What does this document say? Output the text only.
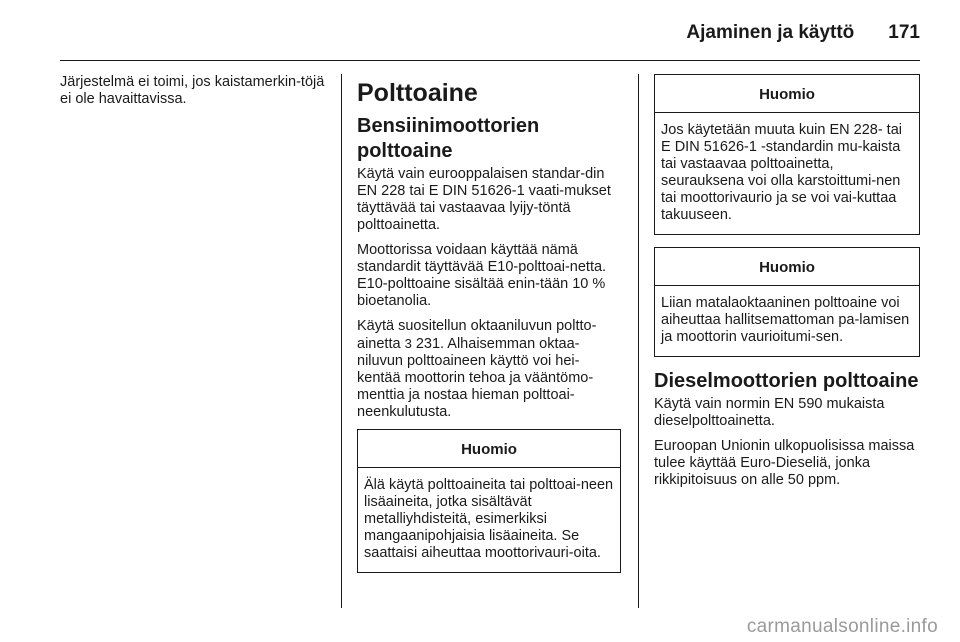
Ajaminen ja käyttö 171

Järjestelmä ei toimi, jos kaistamerkin-töjä ei ole havaittavissa.	Polttoaine
Bensiinimoottorien polttoaine

Käytä vain eurooppalaisen standar-din EN 228 tai E DIN 51626-1 vaati-mukset täyttävää tai vastaavaa lyijy-töntä polttoainetta.

Moottorissa voidaan käyttää nämä standardit täyttävää E10-polttoai-netta. E10-polttoaine sisältää enin-tään 10 % bioetanolia.

Käytä suositellun oktaaniluvun poltto-ainetta 3 231. Alhaisemman oktaa-niluvun polttoaineen käyttö voi hei-kentää moottorin tehoa ja vääntömo-menttia ja nostaa hieman polttoai-neenkulutusta.

Huomio
Älä käytä polttoaineita tai polttoai-neen lisäaineita, jotka sisältävät metalliyhdisteitä, esimerkiksi mangaanipohjaisia lisäaineita. Se saattaisi aiheuttaa moottorivauri-oita.
Huomio
Jos käytetään muuta kuin EN 228- tai E DIN 51626-1 -standardin mu-kaista tai vastaavaa polttoainetta, seurauksena voi olla karstoittumi-nen tai moottorivaurio ja se voi vai-kuttaa takuuseen.
Huomio
Liian matalaoktaaninen polttoaine voi aiheuttaa hallitsemattoman pa-lamisen ja moottorin vaurioitumi-sen.
Dieselmoottorien polttoaine

Käytä vain normin EN 590 mukaista dieselpolttoainetta.

Euroopan Unionin ulkopuolisissa maissa tulee käyttää Euro-Dieseliä, jonka rikkipitoisuus on alle 50 ppm.

carmanualsonline.info
